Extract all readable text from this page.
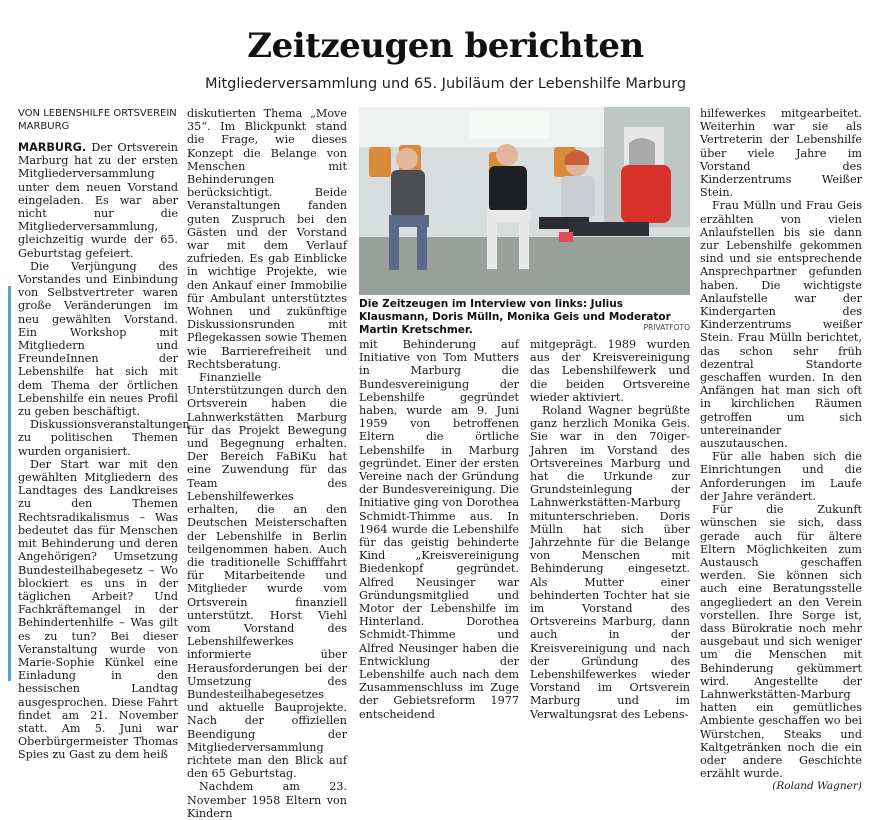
Zeitzeugen berichten
Mitgliederversammlung und 65. Jubiläum der Lebenshilfe Marburg
VON LEBENSHILFE ORTSVEREIN MARBURG

MARBURG. Der Ortsverein Marburg hat zu der ersten Mitgliederversammlung unter dem neuen Vorstand eingeladen. Es war aber nicht nur die Mitgliederversammlung, gleichzeitig wurde der 65. Geburtstag gefeiert.

Die Verjüngung des Vorstandes und Einbindung von Selbstvertreter waren große Veränderungen im neu gewählten Vorstand. Ein Workshop mit Mitgliedern und FreundeInnen der Lebenshilfe hat sich mit dem Thema der örtlichen Lebenshilfe ein neues Profil zu geben beschäftigt.

Diskussionsveranstaltungen zu politischen Themen wurden organisiert.

Der Start war mit den gewählten Mitgliedern des Landtages des Landkreises zu den Themen Rechtsradikalismus – Was bedeutet das für Menschen mit Behinderung und deren Angehörigen? Umsetzung Bundesteilhabegesetz – Wo blockiert es uns in der täglichen Arbeit? Und Fachkräftemangel in der Behindertenhilfe – Was gilt es zu tun? Bei dieser Veranstaltung wurde von Marie-Sophie Künkel eine Einladung in den hessischen Landtag ausgesprochen. Diese Fahrt findet am 21. November statt. Am 5. Juni war Oberbürgermeister Thomas Spies zu Gast zu dem heiß

diskutierten Thema „Move 35“. Im Blickpunkt stand die Frage, wie dieses Konzept die Belange von Menschen mit Behinderungen berücksichtigt. Beide Veranstaltungen fanden guten Zuspruch bei den Gästen und der Vorstand war mit dem Verlauf zufrieden. Es gab Einblicke in wichtige Projekte, wie den Ankauf einer Immobilie für Ambulant unterstütztes Wohnen und zukünftige Diskussionsrunden mit Pflegekassen sowie Themen wie Barrierefreiheit und Rechtsberatung.

Finanzielle Unterstützungen durch den Ortsverein haben die Lahnwerkstätten Marburg für das Projekt Bewegung und Begegnung erhalten. Der Bereich FaBiKu hat eine Zuwendung für das Team des Lebenshilfewerkes erhalten, die an den Deutschen Meisterschaften der Lebenshilfe in Berlin teilgenommen haben. Auch die traditionelle Schifffahrt für Mitarbeitende und Mitglieder wurde vom Ortsverein finanziell unterstützt. Horst Viehl vom Vorstand des Lebenshilfewerkes informierte über Herausforderungen bei der Umsetzung des Bundesteilhabegesetzes und aktuelle Bauprojekte. Nach der offiziellen Beendigung der Mitgliederversammlung richtete man den Blick auf den 65 Geburtstag.

Nachdem am 23. November 1958 Eltern von Kindern

Die Zeitzeugen im Interview von links: Julius Klausmann, Doris Mülln, Monika Geis und Moderator Martin Kretschmer.	PRIVATFOTO

mit Behinderung auf Initiative von Tom Mutters in Marburg die Bundesvereinigung der Lebenshilfe gegründet haben, wurde am 9. Juni 1959 von betroffenen Eltern die örtliche Lebenshilfe in Marburg gegründet. Einer der ersten Vereine nach der Gründung der Bundesvereinigung. Die Initiative ging von Dorothea Schmidt-Thimme aus. In 1964 wurde die Lebenshilfe für das geistig behinderte Kind „Kreisvereinigung Biedenkopf gegründet. Alfred Neusinger war Gründungsmitglied und Motor der Lebenshilfe im Hinterland. Dorothea Schmidt-Thimme und Alfred Neusinger haben die Entwicklung der Lebenshilfe auch nach dem Zusammenschluss im Zuge der Gebietsreform 1977 entscheidend

mitgeprägt. 1989 wurden aus der Kreisvereinigung das Lebenshilfewerk und die beiden Ortsvereine wieder aktiviert.

Roland Wagner begrüßte ganz herzlich Monika Geis. Sie war in den 70iger-Jahren im Vorstand des Ortsvereines Marburg und hat die Urkunde zur Grundsteinlegung der Lahnwerkstätten-Marburg mitunterschrieben. Doris Mülln hat sich über Jahrzehnte für die Belange von Menschen mit Behinderung eingesetzt. Als Mutter einer behinderten Tochter hat sie im Vorstand des Ortsvereins Marburg, dann auch in der Kreisvereinigung und nach der Gründung des Lebenshilfewerkes wieder Vorstand im Ortsverein Marburg und im Verwaltungsrat des Lebens-

hilfewerkes mitgearbeitet. Weiterhin war sie als Vertreterin der Lebenshilfe über viele Jahre im Vorstand des Kinderzentrums Weißer Stein.

Frau Mülln und Frau Geis erzählten von vielen Anlaufstellen bis sie dann zur Lebenshilfe gekommen sind und sie entsprechende Ansprechpartner gefunden haben. Die wichtigste Anlaufstelle war der Kindergarten des Kinderzentrums weißer Stein. Frau Mülln berichtet, das schon sehr früh dezentral Standorte geschaffen wurden. In den Anfängen hat man sich oft in kirchlichen Räumen getroffen um sich untereinander auszutauschen.

Für alle haben sich die Einrichtungen und die Anforderungen im Laufe der Jahre verändert.

Für die Zukunft wünschen sie sich, dass gerade auch für ältere Eltern Möglichkeiten zum Austausch geschaffen werden. Sie können sich auch eine Beratungsstelle angegliedert an den Verein vorstellen. Ihre Sorge ist, dass Bürokratie noch mehr ausgebaut und sich weniger um die Menschen mit Behinderung gekümmert wird. Angestellte der Lahnwerkstätten-Marburg hatten ein gemütliches Ambiente geschaffen wo bei Würstchen, Steaks und Kaltgetränken noch die ein oder andere Geschichte erzählt wurde.
(Roland Wagner)
